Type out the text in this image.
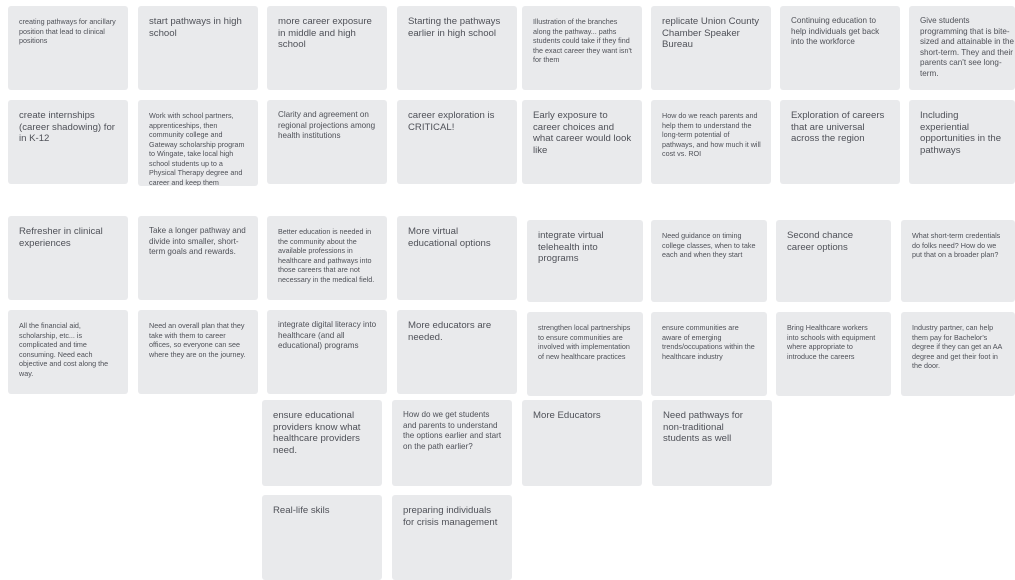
creating pathways for ancillary position that lead to clinical positions
start pathways in high school
more career exposure in middle and high school
Starting the pathways earlier in high school
Illustration of the branches along the pathway... paths students could take if they find the exact career they want isn't for them
replicate Union County Chamber Speaker Bureau
Continuing education to help individuals get back into the workforce
Give students programming that is bite-sized and attainable in the short-term. They and their parents can't see long-term.
create internships (career shadowing) for in K-12
Work with school partners, apprenticeships, then community college and Gateway scholarship program to Wingate, take local high school students up to a Physical Therapy degree and career and keep them
Clarity and agreement on regional projections among health institutions
career exploration is CRITICAL!
Early exposure to career choices and what career would look like
How do we reach parents and help them to understand the long-term potential of pathways, and how much it will cost vs. ROI
Exploration of careers that are universal across the region
Including experiential opportunities in the pathways
Refresher in clinical experiences
Take a longer pathway and divide into smaller, short-term goals and rewards.
Better education is needed in the community about the available professions in healthcare and pathways into those careers that are not necessary in the medical field.
More virtual educational options
integrate virtual telehealth into programs
Need guidance on timing college classes, when to take each and when they start
Second chance career options
What short-term credentials do folks need? How do we put that on a broader plan?
All the financial aid, scholarship, etc... is complicated and time consuming. Need each objective and cost along the way.
Need an overall plan that they take with them to career offices, so everyone can see where they are on the journey.
integrate digital literacy into healthcare (and all educational) programs
More educators are needed.
strengthen local partnerships to ensure communities are involved with implementation of new healthcare practices
ensure communities are aware of emerging trends/occupations within the healthcare industry
Bring Healthcare workers into schools with equipment where appropriate to introduce the careers
Industry partner, can help them pay for Bachelor's degree if they can get an AA degree and get their foot in the door.
ensure educational providers know what healthcare providers need.
How do we get students and parents to understand the options earlier and start on the path earlier?
More Educators	Need pathways for non-traditional students as well
Real-life skils	preparing individuals for crisis management
